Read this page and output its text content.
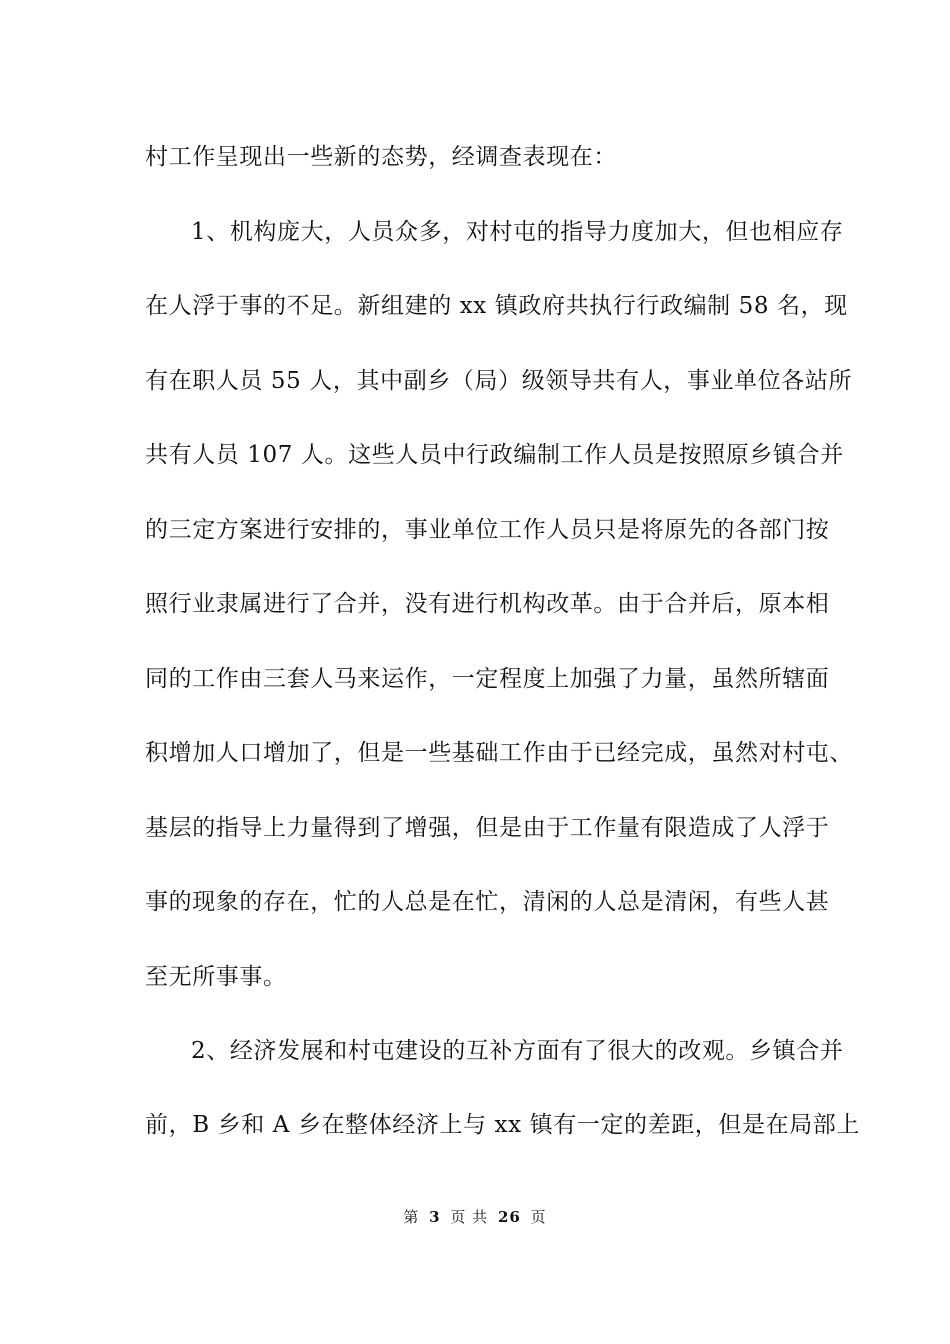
村工作呈现出一些新的态势，经调查表现在：
1、机构庞大，人员众多，对村屯的指导力度加大，但也相应存
在人浮于事的不足。新组建的 xx 镇政府共执行行政编制 58 名，现
有在职人员 55 人，其中副乡（局）级领导共有人，事业单位各站所
共有人员 107 人。这些人员中行政编制工作人员是按照原乡镇合并
的三定方案进行安排的，事业单位工作人员只是将原先的各部门按
照行业隶属进行了合并，没有进行机构改革。由于合并后，原本相
同的工作由三套人马来运作，一定程度上加强了力量，虽然所辖面
积增加人口增加了，但是一些基础工作由于已经完成，虽然对村屯、
基层的指导上力量得到了增强，但是由于工作量有限造成了人浮于
事的现象的存在，忙的人总是在忙，清闲的人总是清闲，有些人甚
至无所事事。
2、经济发展和村屯建设的互补方面有了很大的改观。乡镇合并
前，B 乡和 A 乡在整体经济上与 xx 镇有一定的差距，但是在局部上
第 3 页 共 26 页
